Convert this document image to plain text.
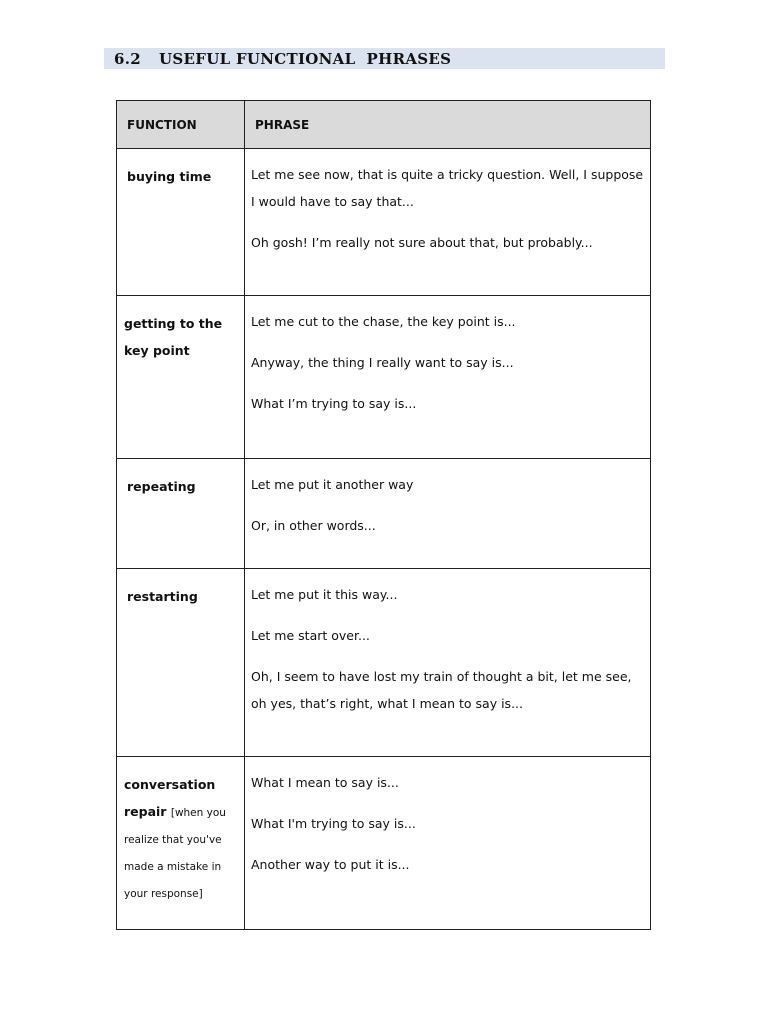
6.2 USEFUL FUNCTIONAL  PHRASES
FUNCTION	PHRASE
buying time	Let me see now, that is quite a tricky question. Well, I suppose I would have to say that...
Oh gosh! I’m really not sure about that, but probably...

getting to the key point	Let me cut to the chase, the key point is...
Anyway, the thing I really want to say is...
What I’m trying to say is...

repeating	Let me put it another way
Or, in other words...

restarting	Let me put it this way...
Let me start over...
Oh, I seem to have lost my train of thought a bit, let me see, oh yes, that’s right, what I mean to say is...

conversation repair [when you realize that you've made a mistake in your response]	What I mean to say is...
What I'm trying to say is...
Another way to put it is...
